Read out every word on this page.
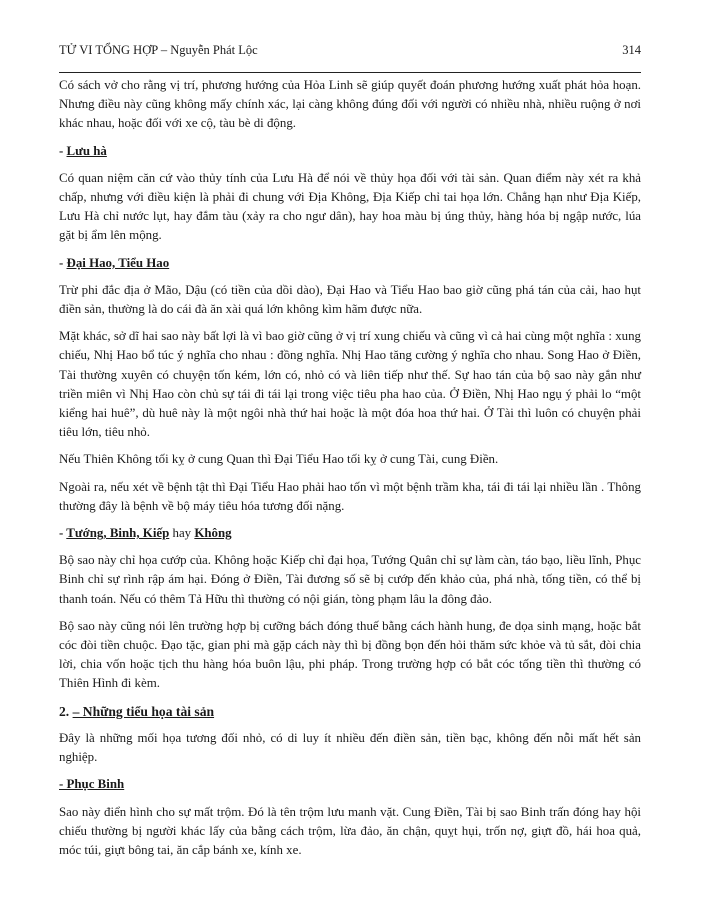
TỬ VI TỔNG HỢP – Nguyễn Phát Lộc	314

Có sách vở cho rằng vị trí, phương hướng của Hỏa Linh sẽ giúp quyết đoán phương hướng xuất phát hỏa hoạn. Nhưng điều này cũng không mấy chính xác, lại càng không đúng đối với người có nhiều nhà, nhiều ruộng ở nơi khác nhau, hoặc đối với xe cộ, tàu bè di động.

- Lưu hà

Có quan niệm căn cứ vào thủy tính của Lưu Hà để nói về thủy họa đối với tài sản. Quan điểm này xét ra khả chấp, nhưng với điều kiện là phải đi chung với Địa Không, Địa Kiếp chỉ tai họa lớn. Chẳng hạn như Địa Kiếp, Lưu Hà chỉ nước lụt, hay đắm tàu (xảy ra cho ngư dân), hay hoa màu bị úng thủy, hàng hóa bị ngập nước, lúa gặt bị ẩm lên mộng.

- Đại Hao, Tiểu Hao

Trừ phi đắc địa ở Mão, Dậu (có tiền của dồi dào), Đại Hao và Tiểu Hao bao giờ cũng phá tán của cải, hao hụt điền sản, thường là do cái đà ăn xài quá lớn không kìm hãm được nữa.

Mặt khác, sở dĩ hai sao này bất lợi là vì bao giờ cũng ở vị trí xung chiếu và cũng vì cả hai cùng một nghĩa : xung chiếu, Nhị Hao bổ túc ý nghĩa cho nhau : đồng nghĩa. Nhị Hao tăng cường ý nghĩa cho nhau. Song Hao ở Điền, Tài thường xuyên có chuyện tốn kém, lớn có, nhỏ có và liên tiếp như thế. Sự hao tán của bộ sao này gắn như triền miên vì Nhị Hao còn chủ sự tái đi tái lại trong việc tiêu pha hao của. Ở Điền, Nhị Hao ngụ ý phải lo “một kiểng hai huê”, dù huê này là một ngôi nhà thứ hai hoặc là một đóa hoa thứ hai. Ở Tài thì luôn có chuyện phải tiêu lớn, tiêu nhỏ.

Nếu Thiên Không tối kỵ ở cung Quan thì Đại Tiểu Hao tối kỵ ở cung Tài, cung Điền.

Ngoài ra, nếu xét về bệnh tật thì Đại Tiểu Hao phải hao tốn vì một bệnh trầm kha, tái đi tái lại nhiều lần . Thông thường đây là bệnh về bộ máy tiêu hóa tương đối nặng.

- Tướng, Binh, Kiếp hay Không

Bộ sao này chỉ họa cướp của. Không hoặc Kiếp chỉ đại họa, Tướng Quân chỉ sự làm càn, táo bạo, liều lĩnh, Phục Binh chỉ sự rình rập ám hại. Đóng ở Điền, Tài đương số sẽ bị cướp đến khảo của, phá nhà, tống tiền, có thể bị thanh toán. Nếu có thêm Tả Hữu thì thường có nội gián, tòng phạm lâu la đông đảo.

Bộ sao này cũng nói lên trường hợp bị cưỡng bách đóng thuế bằng cách hành hung, đe dọa sinh mạng, hoặc bắt cóc đòi tiền chuộc. Đạo tặc, gian phi mà gặp cách này thì bị đồng bọn đến hỏi thăm sức khỏe và tủ sắt, đòi chia lời, chia vốn hoặc tịch thu hàng hóa buôn lậu, phi pháp. Trong trường hợp có bắt cóc tống tiền thì thường có Thiên Hình đi kèm.

2. – Những tiểu họa tài sản

Đây là những mối họa tương đối nhỏ, có di luy ít nhiều đến điền sản, tiền bạc, không đến nỗi mất hết sản nghiệp.

- Phục Binh

Sao này điển hình cho sự mất trộm. Đó là tên trộm lưu manh vặt. Cung Điền, Tài bị sao Binh trấn đóng hay hội chiếu thường bị người khác lấy của bằng cách trộm, lừa đảo, ăn chận, quỵt hụi, trốn nợ, giựt đồ, hái hoa quả, móc túi, giựt bông tai, ăn cắp bánh xe, kính xe.
